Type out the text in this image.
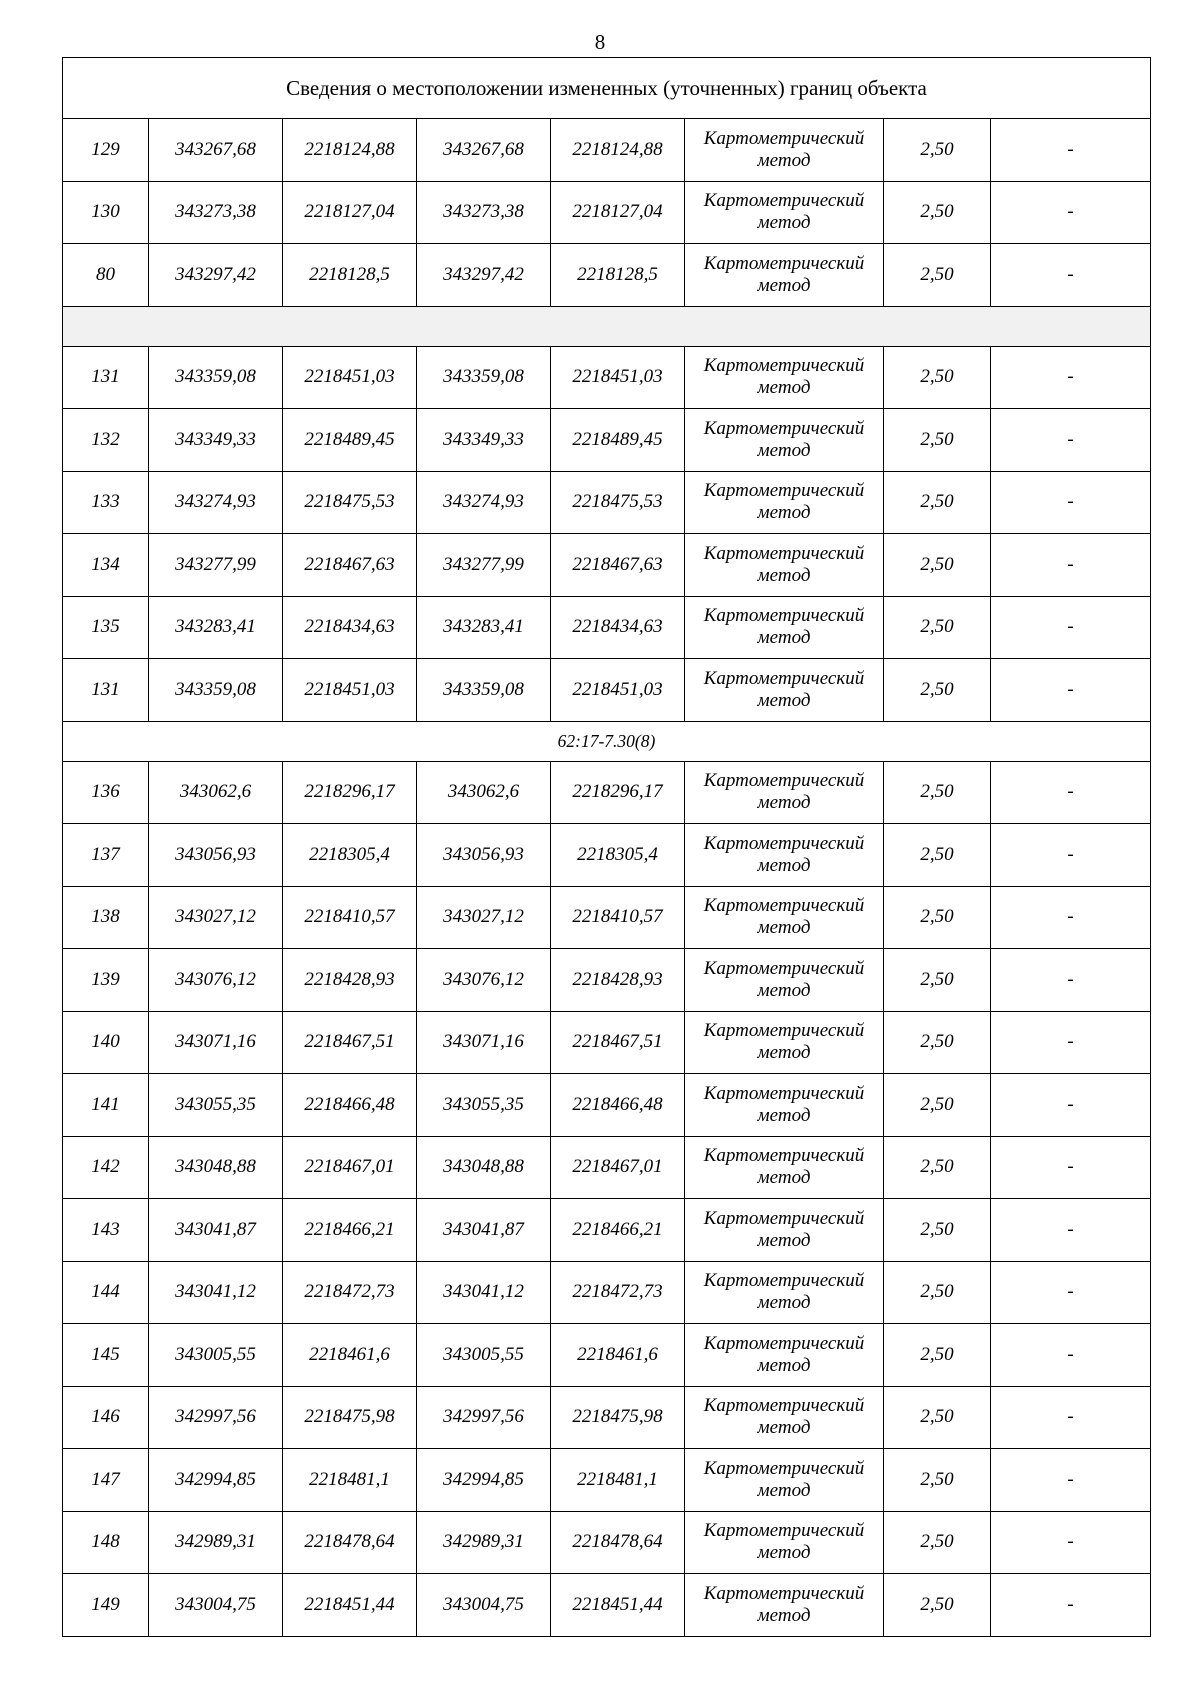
8
Сведения о местоположении измененных (уточненных) границ объекта							
129	343267,68	2218124,88	343267,68	2218124,88	Картометрический метод	2,50	-
130	343273,38	2218127,04	343273,38	2218127,04	Картометрический метод	2,50	-
80	343297,42	2218128,5	343297,42	2218128,5	Картометрический метод	2,50	-

131	343359,08	2218451,03	343359,08	2218451,03	Картометрический метод	2,50	-
132	343349,33	2218489,45	343349,33	2218489,45	Картометрический метод	2,50	-
133	343274,93	2218475,53	343274,93	2218475,53	Картометрический метод	2,50	-
134	343277,99	2218467,63	343277,99	2218467,63	Картометрический метод	2,50	-
135	343283,41	2218434,63	343283,41	2218434,63	Картометрический метод	2,50	-
131	343359,08	2218451,03	343359,08	2218451,03	Картометрический метод	2,50	-
62:17-7.30(8)							
136	343062,6	2218296,17	343062,6	2218296,17	Картометрический метод	2,50	-
137	343056,93	2218305,4	343056,93	2218305,4	Картометрический метод	2,50	-
138	343027,12	2218410,57	343027,12	2218410,57	Картометрический метод	2,50	-
139	343076,12	2218428,93	343076,12	2218428,93	Картометрический метод	2,50	-
140	343071,16	2218467,51	343071,16	2218467,51	Картометрический метод	2,50	-
141	343055,35	2218466,48	343055,35	2218466,48	Картометрический метод	2,50	-
142	343048,88	2218467,01	343048,88	2218467,01	Картометрический метод	2,50	-
143	343041,87	2218466,21	343041,87	2218466,21	Картометрический метод	2,50	-
144	343041,12	2218472,73	343041,12	2218472,73	Картометрический метод	2,50	-
145	343005,55	2218461,6	343005,55	2218461,6	Картометрический метод	2,50	-
146	342997,56	2218475,98	342997,56	2218475,98	Картометрический метод	2,50	-
147	342994,85	2218481,1	342994,85	2218481,1	Картометрический метод	2,50	-
148	342989,31	2218478,64	342989,31	2218478,64	Картометрический метод	2,50	-
149	343004,75	2218451,44	343004,75	2218451,44	Картометрический метод	2,50	-
